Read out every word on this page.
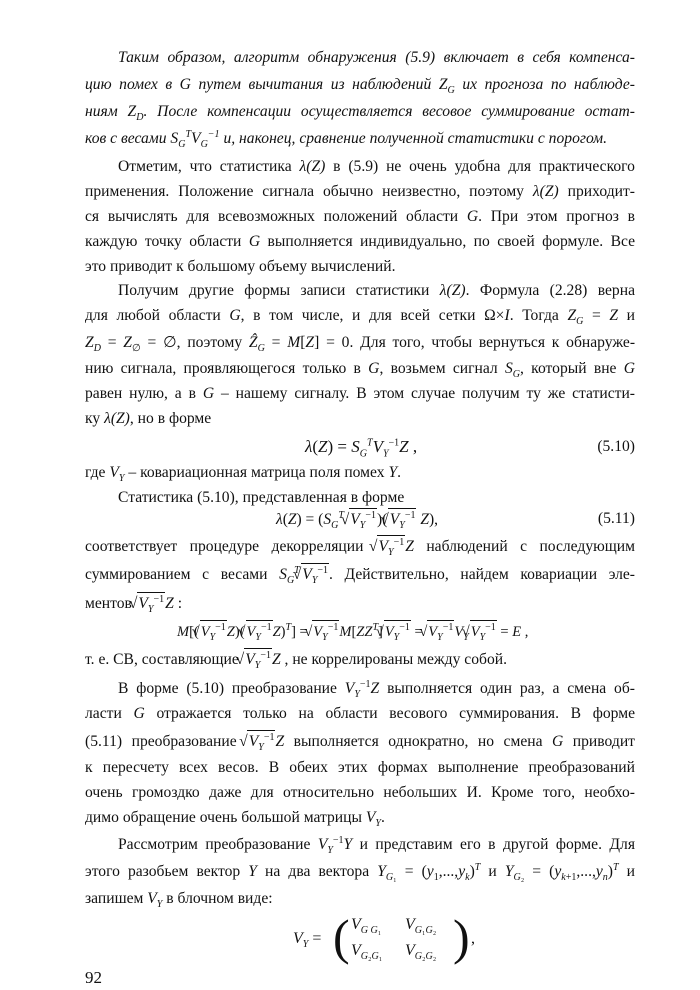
Таким образом, алгоритм обнаружения (5.9) включает в себя компенса-
цию помех в G путем вычитания из наблюдений $Z_G$ их прогноза по наблюде-
ниям $Z_D$. После компенсации осуществляется весовое суммирование остат-
ков с весами $S_G^TV_G^{-1}$ и, наконец, сравнение полученной статистики с порогом.
Отметим, что статистика λ(Z) в (5.9) не очень удобна для практического
применения. Положение сигнала обычно неизвестно, поэтому λ(Z) приходит-
ся вычислять для всевозможных положений области G. При этом прогноз в
каждую точку области G выполняется индивидуально, по своей формуле. Все
это приводит к большому объему вычислений.
Получим другие формы записи статистики λ(Z). Формула (2.28) верна
для любой области G, в том числе, и для всей сетки Ω×I. Тогда $Z_G = Z$ и
$Z_D = Z_\emptyset$ = ∅, поэтому Ẑ$_G$ = M[Z] = 0. Для того, чтобы вернуться к обнаруже-
нию сигнала, проявляющегося только в G, возьмем сигнал $S_G$, который вне G
равен нулю, а в G – нашему сигналу. В этом случае получим ту же статисти-
ку λ(Z), но в форме
$\lambda(Z) = S_G^TV_Y^{-1}Z$ ,	(5.10)
где $V_Y$ – ковариационная матрица поля помех Y.
Статистика (5.10), представленная в форме
$\lambda(Z) = (S_G^T$ √ $V_Y^{-1})(√$ $V_Y^{-1}$ Z),	(5.11)
соответствует процедуре декорреляции √ $V_Y^{-1}Z$ наблюдений с последующим
суммированием с весами $S_G^T√$ $V_Y^{-1}$. Действительно, найдем ковариации эле-
ментов √ $V_Y^{-1}Z$ :
M[(√ $V_Y^{-1}Z)(√$ $V_Y^{-1}Z)^T$] = √ $V_Y^{-1}M[ZZ^T]√$ $V_Y^{-1}$ = √ $V_Y^{-1}V_Y√$ $V_Y^{-1} = E$ ,
т. е. СВ, составляющие √ $V_Y^{-1}Z$ , не коррелированы между собой.
В форме (5.10) преобразование $V_Y^{-1}Z$ выполняется один раз, а смена об-
ласти G отражается только на области весового суммирования. В форме
(5.11) преобразование √ $V_Y^{-1}Z$ выполняется однократно, но смена G приводит
к пересчету всех весов. В обеих этих формах выполнение преобразований
очень громоздко даже для относительно небольших И. Кроме того, необхо-
димо обращение очень большой матрицы $V_Y$.
Рассмотрим преобразование $V_Y^{-1}Y$ и представим его в другой форме. Для
этого разобьем вектор Y на два вектора $Y_{G_1} = (y_1,...,y_k)^T$ и $Y_{G_2} = (y_{k+1},...,y_n)^T$ и
запишем $V_Y$ в блочном виде:
$V_Y$ = ( $V_{G G_1}$ $V_{G_1G_2}$
$V_{G_2G_1}$ $V_{G_2G_2}$ ) ,
92
